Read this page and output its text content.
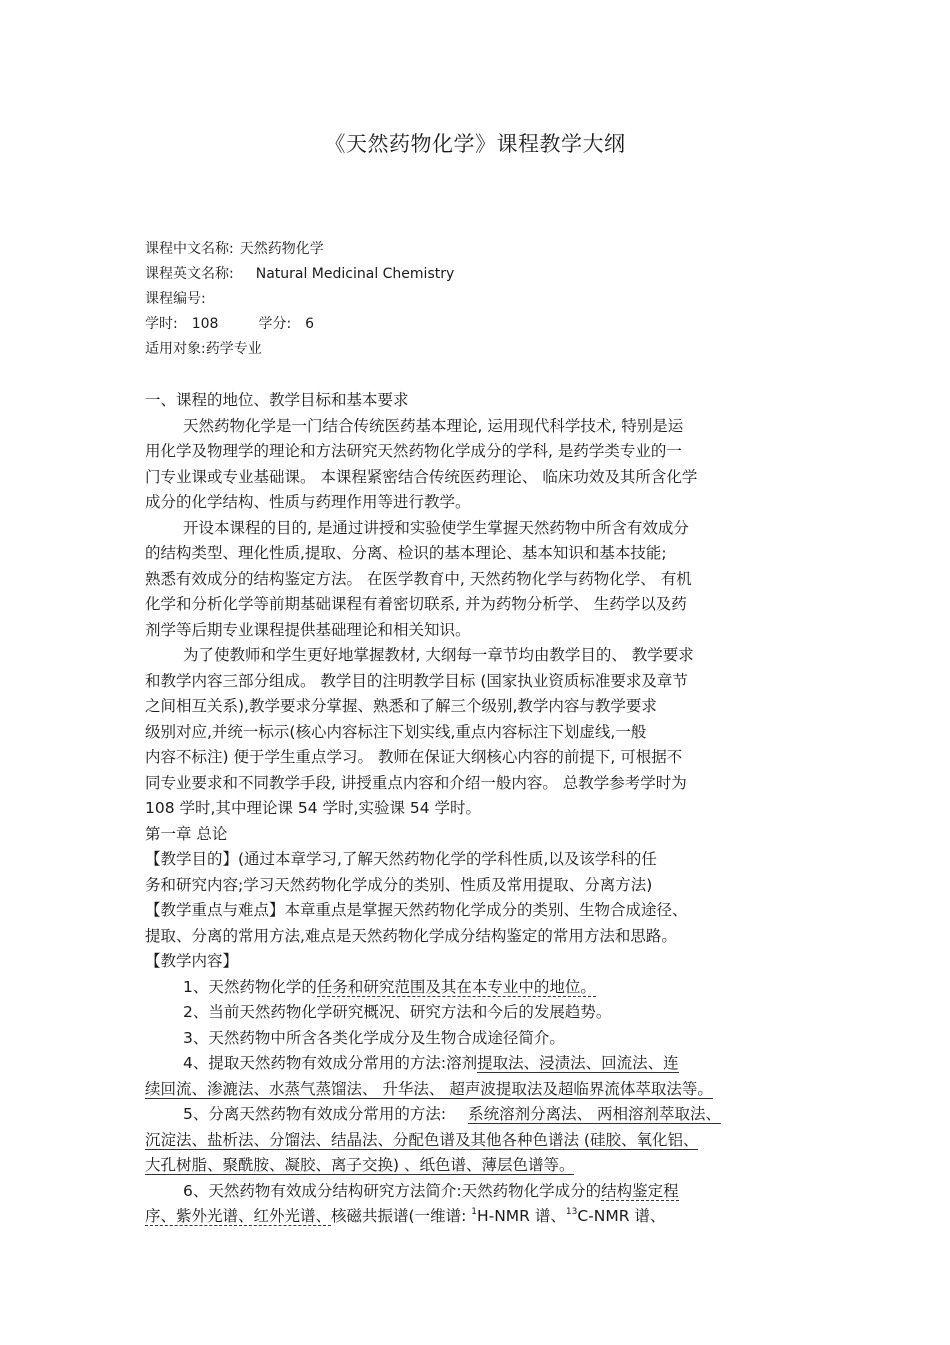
《天然药物化学》课程教学大纲
课程中文名称: 天然药物化学
课程英文名称: Natural Medicinal Chemistry
课程编号:
学时: 108	学分: 6
适用对象:药学专业
一、课程的地位、教学目标和基本要求
天然药物化学是一门结合传统医药基本理论, 运用现代科学技术, 特别是运
用化学及物理学的理论和方法研究天然药物化学成分的学科, 是药学类专业的一
门专业课或专业基础课。 本课程紧密结合传统医药理论、 临床功效及其所含化学
成分的化学结构、性质与药理作用等进行教学。
开设本课程的目的, 是通过讲授和实验使学生掌握天然药物中所含有效成分
的结构类型、理化性质,提取、分离、检识的基本理论、基本知识和基本技能;
熟悉有效成分的结构鉴定方法。 在医学教育中, 天然药物化学与药物化学、 有机
化学和分析化学等前期基础课程有着密切联系, 并为药物分析学、 生药学以及药
剂学等后期专业课程提供基础理论和相关知识。
为了使教师和学生更好地掌握教材, 大纲每一章节均由教学目的、 教学要求
和教学内容三部分组成。 教学目的注明教学目标 (国家执业资质标准要求及章节
之间相互关系),教学要求分掌握、熟悉和了解三个级别,教学内容与教学要求
级别对应,并统一标示(核心内容标注下划实线,重点内容标注下划虚线,一般
内容不标注) 便于学生重点学习。 教师在保证大纲核心内容的前提下, 可根据不
同专业要求和不同教学手段, 讲授重点内容和介绍一般内容。 总教学参考学时为
108 学时,其中理论课 54 学时,实验课 54 学时。
第一章 总论
【教学目的】(通过本章学习,了解天然药物化学的学科性质,以及该学科的任
务和研究内容;学习天然药物化学成分的类别、性质及常用提取、分离方法)
【教学重点与难点】本章重点是掌握天然药物化学成分的类别、生物合成途径、
提取、分离的常用方法,难点是天然药物化学成分结构鉴定的常用方法和思路。
【教学内容】
1、天然药物化学的任务和研究范围及其在本专业中的地位。
2、当前天然药物化学研究概况、研究方法和今后的发展趋势。
3、天然药物中所含各类化学成分及生物合成途径简介。
4、提取天然药物有效成分常用的方法:溶剂提取法、浸渍法、回流法、连
续回流、渗漉法、水蒸气蒸馏法、 升华法、 超声波提取法及超临界流体萃取法等。
5、分离天然药物有效成分常用的方法: 系统溶剂分离法、 两相溶剂萃取法、
沉淀法、盐析法、分馏法、结晶法、分配色谱及其他各种色谱法 (硅胶、氧化铝、
大孔树脂、聚酰胺、凝胶、离子交换) 、纸色谱、薄层色谱等。
6、天然药物有效成分结构研究方法简介:天然药物化学成分的结构鉴定程
序、紫外光谱、红外光谱、核磁共振谱(一维谱: $^1$H-NMR 谱、$^{13}$C-NMR 谱、
